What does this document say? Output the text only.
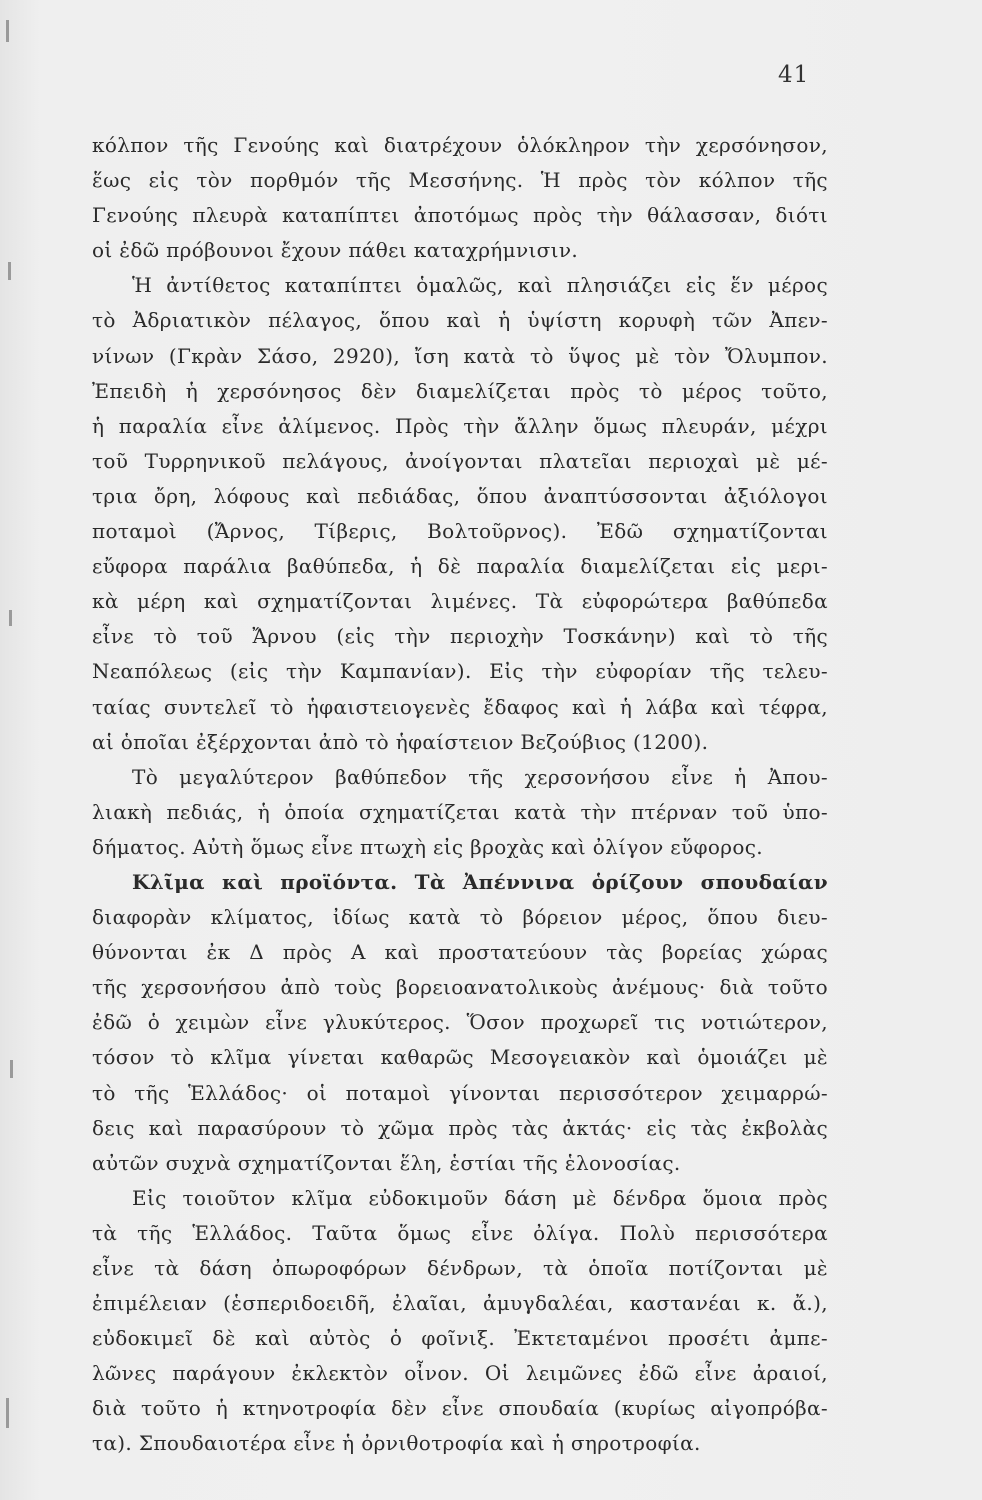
41
κόλπον τῆς Γενούης καὶ διατρέχουν ὁλόκληρον τὴν χερσόνησον,
ἕως εἰς τὸν πορθμόν τῆς Μεσσήνης. Ἡ πρὸς τὸν κόλπον τῆς
Γενούης πλευρὰ καταπίπτει ἀποτόμως πρὸς τὴν θάλασσαν, διότι
οἱ ἐδῶ πρόβουνοι ἔχουν πάθει καταχρήμνισιν.
Ἡ ἀντίθετος καταπίπτει ὁμαλῶς, καὶ πλησιάζει εἰς ἕν μέρος
τὸ Ἀδριατικὸν πέλαγος, ὅπου καὶ ἡ ὑψίστη κορυφὴ τῶν Ἀπεν-
νίνων (Γκρὰν Σάσο, 2920), ἴση κατὰ τὸ ὕψος μὲ τὸν Ὄλυμπον.
Ἐπειδὴ ἡ χερσόνησος δὲν διαμελίζεται πρὸς τὸ μέρος τοῦτο,
ἡ παραλία εἶνε ἀλίμενος. Πρὸς τὴν ἄλλην ὅμως πλευράν, μέχρι
τοῦ Τυρρηνικοῦ πελάγους, ἀνοίγονται πλατεῖαι περιοχαὶ μὲ μέ-
τρια ὄρη, λόφους καὶ πεδιάδας, ὅπου ἀναπτύσσονται ἀξιόλογοι
ποταμοὶ (Ἄρνος, Τίβερις, Βολτοῦρνος). Ἐδῶ σχηματίζονται
εὔφορα παράλια βαθύπεδα, ἡ δὲ παραλία διαμελίζεται εἰς μερι-
κὰ μέρη καὶ σχηματίζονται λιμένες. Τὰ εὐφορώτερα βαθύπεδα
εἶνε τὸ τοῦ Ἄρνου (εἰς τὴν περιοχὴν Τοσκάνην) καὶ τὸ τῆς
Νεαπόλεως (εἰς τὴν Καμπανίαν). Εἰς τὴν εὐφορίαν τῆς τελευ-
ταίας συντελεῖ τὸ ἡφαιστειογενὲς ἔδαφος καὶ ἡ λάβα καὶ τέφρα,
αἱ ὁποῖαι ἐξέρχονται ἀπὸ τὸ ἡφαίστειον Βεζούβιος (1200).
Τὸ μεγαλύτερον βαθύπεδον τῆς χερσονήσου εἶνε ἡ Ἀπου-
λιακὴ πεδιάς, ἡ ὁποία σχηματίζεται κατὰ τὴν πτέρναν τοῦ ὑπο-
δήματος. Αὐτὴ ὅμως εἶνε πτωχὴ εἰς βροχὰς καὶ ὀλίγον εὔφορος.
Κλῖμα καὶ προϊόντα. Τὰ Ἀπέννινα ὁρίζουν σπουδαίαν
διαφορὰν κλίματος, ἰδίως κατὰ τὸ βόρειον μέρος, ὅπου διευ-
θύνονται ἐκ Δ πρὸς Α καὶ προστατεύουν τὰς βορείας χώρας
τῆς χερσονήσου ἀπὸ τοὺς βορειοανατολικοὺς ἀνέμους· διὰ τοῦτο
ἐδῶ ὁ χειμὼν εἶνε γλυκύτερος. Ὅσον προχωρεῖ τις νοτιώτερον,
τόσον τὸ κλῖμα γίνεται καθαρῶς Μεσογειακὸν καὶ ὁμοιάζει μὲ
τὸ τῆς Ἑλλάδος· οἱ ποταμοὶ γίνονται περισσότερον χειμαρρώ-
δεις καὶ παρασύρουν τὸ χῶμα πρὸς τὰς ἀκτάς· εἰς τὰς ἐκβολὰς
αὐτῶν συχνὰ σχηματίζονται ἕλη, ἑστίαι τῆς ἑλονοσίας.
Εἰς τοιοῦτον κλῖμα εὐδοκιμοῦν δάση μὲ δένδρα ὅμοια πρὸς
τὰ τῆς Ἑλλάδος. Ταῦτα ὅμως εἶνε ὀλίγα. Πολὺ περισσότερα
εἶνε τὰ δάση ὀπωροφόρων δένδρων, τὰ ὁποῖα ποτίζονται μὲ
ἐπιμέλειαν (ἑσπεριδοειδῆ, ἐλαῖαι, ἀμυγδαλέαι, καστανέαι κ. ἄ.),
εὐδοκιμεῖ δὲ καὶ αὐτὸς ὁ φοῖνιξ. Ἐκτεταμένοι προσέτι ἀμπε-
λῶνες παράγουν ἐκλεκτὸν οἶνον. Οἱ λειμῶνες ἐδῶ εἶνε ἀραιοί,
διὰ τοῦτο ἡ κτηνοτροφία δὲν εἶνε σπουδαία (κυρίως αἰγοπρόβα-
τα). Σπουδαιοτέρα εἶνε ἡ ὀρνιθοτροφία καὶ ἡ σηροτροφία.
